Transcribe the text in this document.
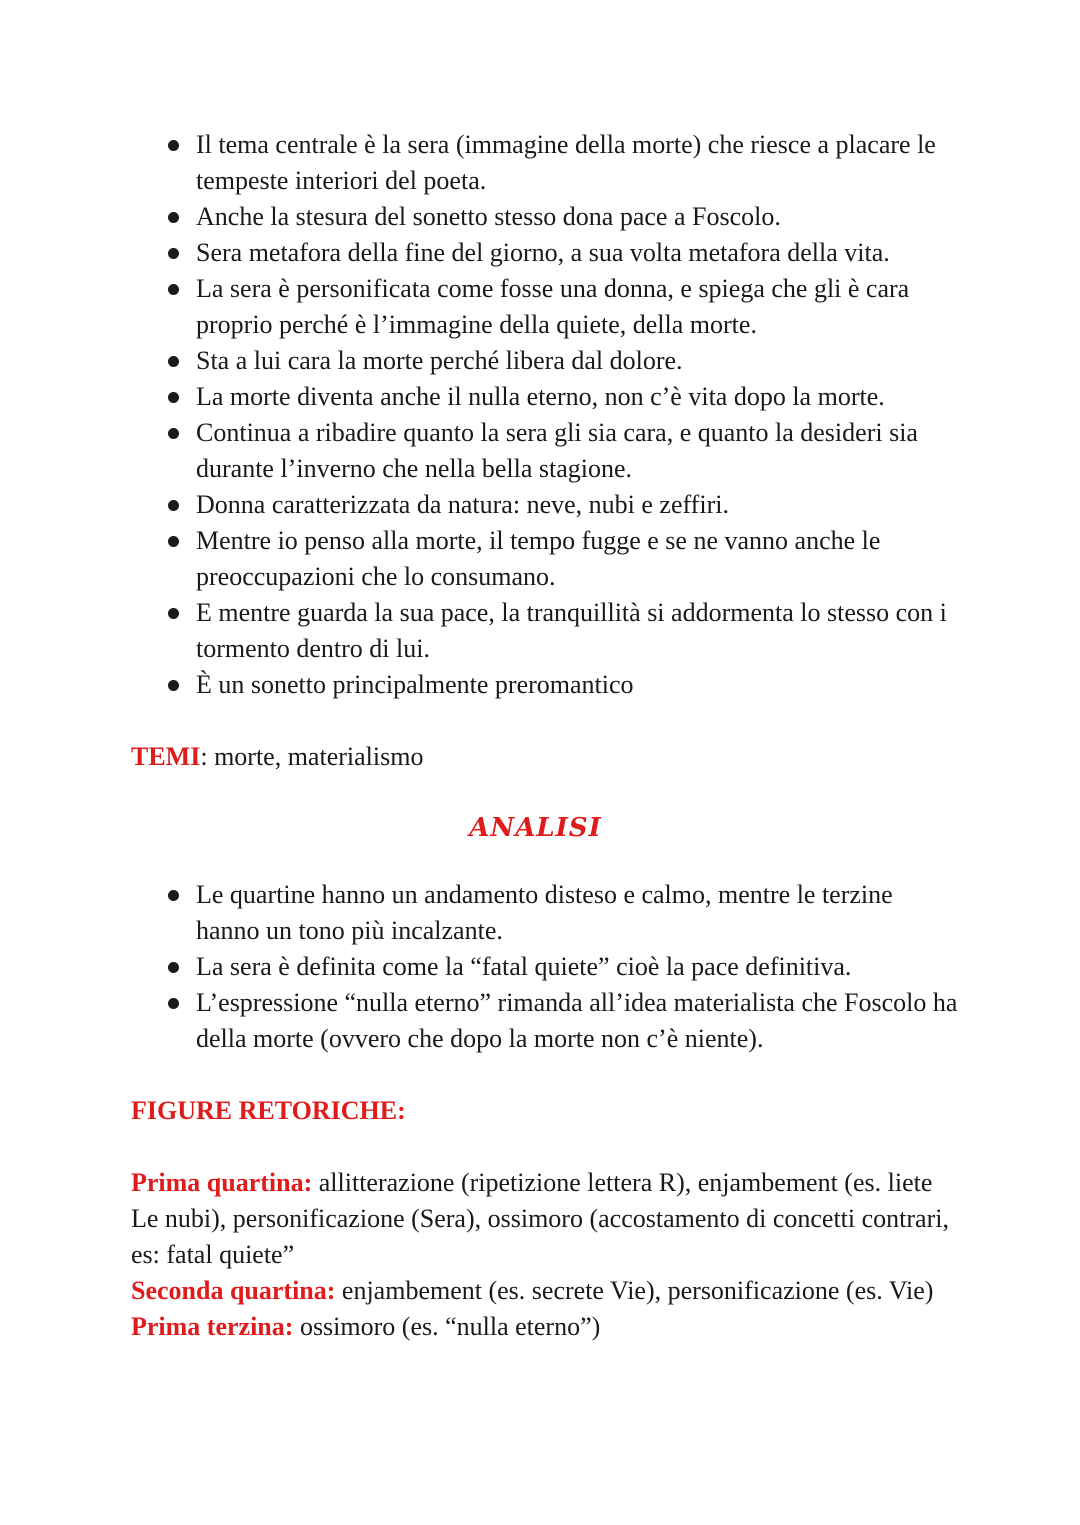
Il tema centrale è la sera (immagine della morte) che riesce a placare le tempeste interiori del poeta.
Anche la stesura del sonetto stesso dona pace a Foscolo.
Sera metafora della fine del giorno, a sua volta metafora della vita.
La sera è personificata come fosse una donna, e spiega che gli è cara proprio perché è l’immagine della quiete, della morte.
Sta a lui cara la morte perché libera dal dolore.
La morte diventa anche il nulla eterno, non c’è vita dopo la morte.
Continua a ribadire quanto la sera gli sia cara, e quanto la desideri sia durante l’inverno che nella bella stagione.
Donna caratterizzata da natura: neve, nubi e zeffiri.
Mentre io penso alla morte, il tempo fugge e se ne vanno anche le preoccupazioni che lo consumano.
E mentre guarda la sua pace, la tranquillità si addormenta lo stesso con i tormento dentro di lui.
È un sonetto principalmente preromantico
TEMI: morte, materialismo
ANALISI
Le quartine hanno un andamento disteso e calmo, mentre le terzine hanno un tono più incalzante.
La sera è definita come la “fatal quiete” cioè la pace definitiva.
L’espressione “nulla eterno” rimanda all’idea materialista che Foscolo ha della morte (ovvero che dopo la morte non c’è niente).
FIGURE RETORICHE:

Prima quartina: allitterazione (ripetizione lettera R), enjambement (es. liete Le nubi), personificazione (Sera), ossimoro (accostamento di concetti contrari, es: fatal quiete”

Seconda quartina: enjambement (es. secrete Vie), personificazione (es. Vie)

Prima terzina: ossimoro (es. “nulla eterno”)
